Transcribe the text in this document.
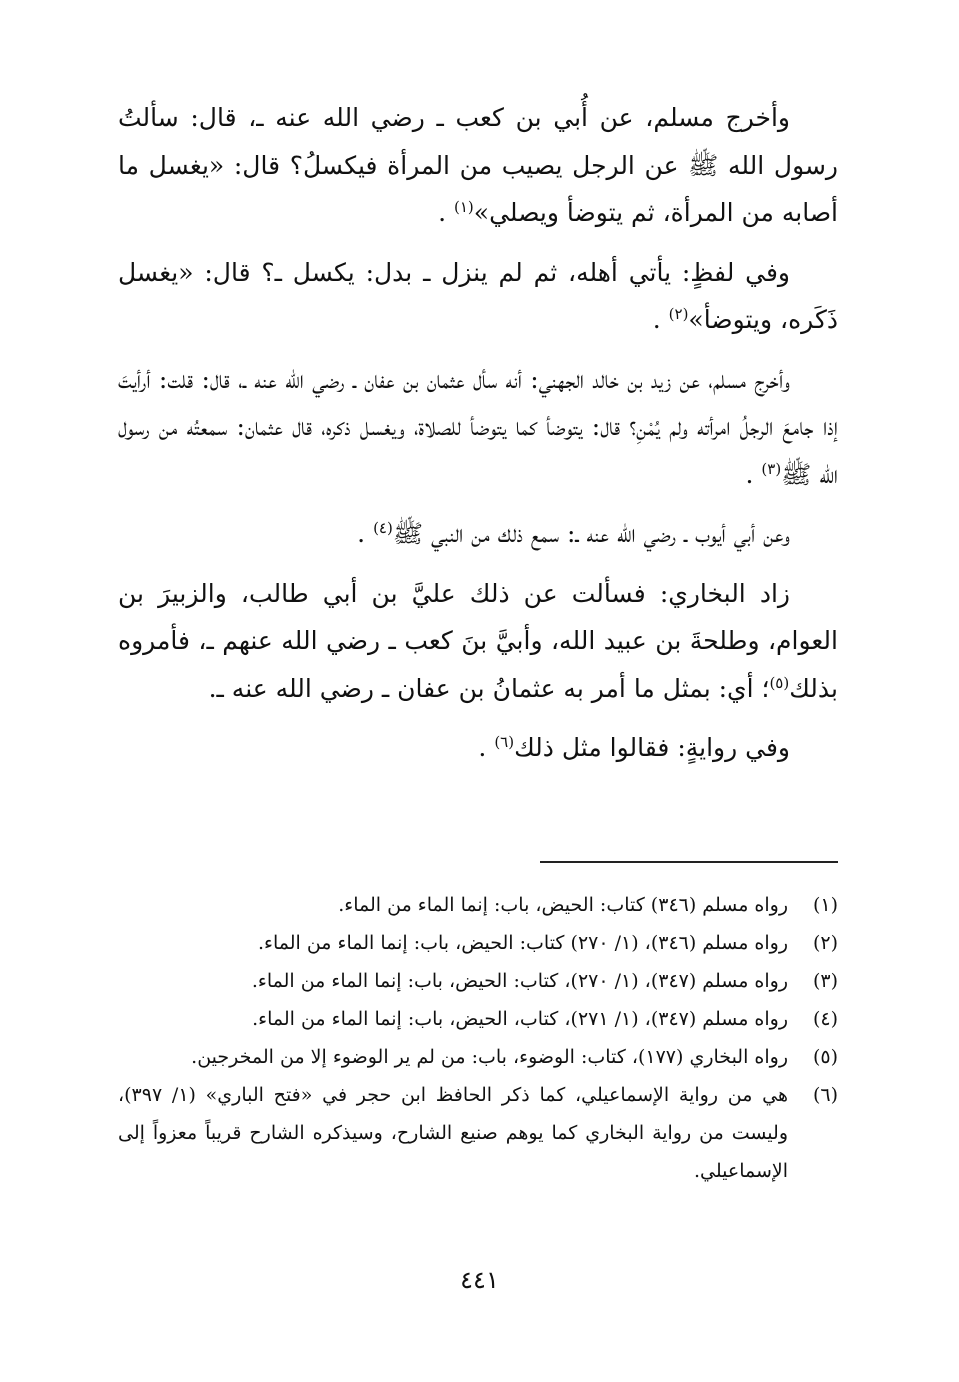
وأخرج مسلم، عن أُبي بن كعب ـ رضي الله عنه ـ، قال: سألتُ رسول الله ﷺ عن الرجل يصيب من المرأة فيكسلُ؟ قال: «يغسل ما أصابه من المرأة، ثم يتوضأ ويصلي»$^{(١)}$ .

وفي لفظٍ: يأتي أهله، ثم لم ينزل ـ بدل: يكسل ـ؟ قال: «يغسل ذَكَره، ويتوضأ»$^{(٢)}$ .

وأخرج مسلم، عن زيد بن خالد الجهني: أنه سأل عثمان بن عفان ـ رضي الله عنه ـ، قال: قلت: أرأيتَ إذا جامعَ الرجلُ امرأته ولم يُمْنِ؟ قال: يتوضأ كما يتوضأ للصلاة، ويغسل ذكره، قال عثمان: سمعتُه من رسول الله ﷺ$^{(٣)}$ .

وعن أبي أيوب ـ رضي الله عنه ـ: سمع ذلك من النبي ﷺ$^{(٤)}$ .

زاد البخاري: فسألت عن ذلك عليَّ بن أبي طالب، والزبيرَ بن العوام، وطلحةَ بن عبيد الله، وأبيَّ بنَ كعب ـ رضي الله عنهم ـ، فأمروه بذلك$^{(٥)}$؛ أي: بمثل ما أمر به عثمانُ بن عفان ـ رضي الله عنه ـ.

وفي روايةٍ: فقالوا مثل ذلك$^{(٦)}$ .

(١)
رواه مسلم (٣٤٦) كتاب: الحيض، باب: إنما الماء من الماء.
(٢)
رواه مسلم (٣٤٦)، (١/ ٢٧٠) كتاب: الحيض، باب: إنما الماء من الماء.
(٣)
رواه مسلم (٣٤٧)، (١/ ٢٧٠)، كتاب: الحيض، باب: إنما الماء من الماء.
(٤)
رواه مسلم (٣٤٧)، (١/ ٢٧١)، كتاب، الحيض، باب: إنما الماء من الماء.
(٥)
رواه البخاري (١٧٧)، كتاب: الوضوء، باب: من لم ير الوضوء إلا من المخرجين.
(٦)
هي من رواية الإسماعيلي، كما ذكر الحافظ ابن حجر في «فتح الباري» (١/ ٣٩٧)، وليست من رواية البخاري كما يوهم صنيع الشارح، وسيذكره الشارح قريباً معزواً إلى الإسماعيلي.
٤٤١
